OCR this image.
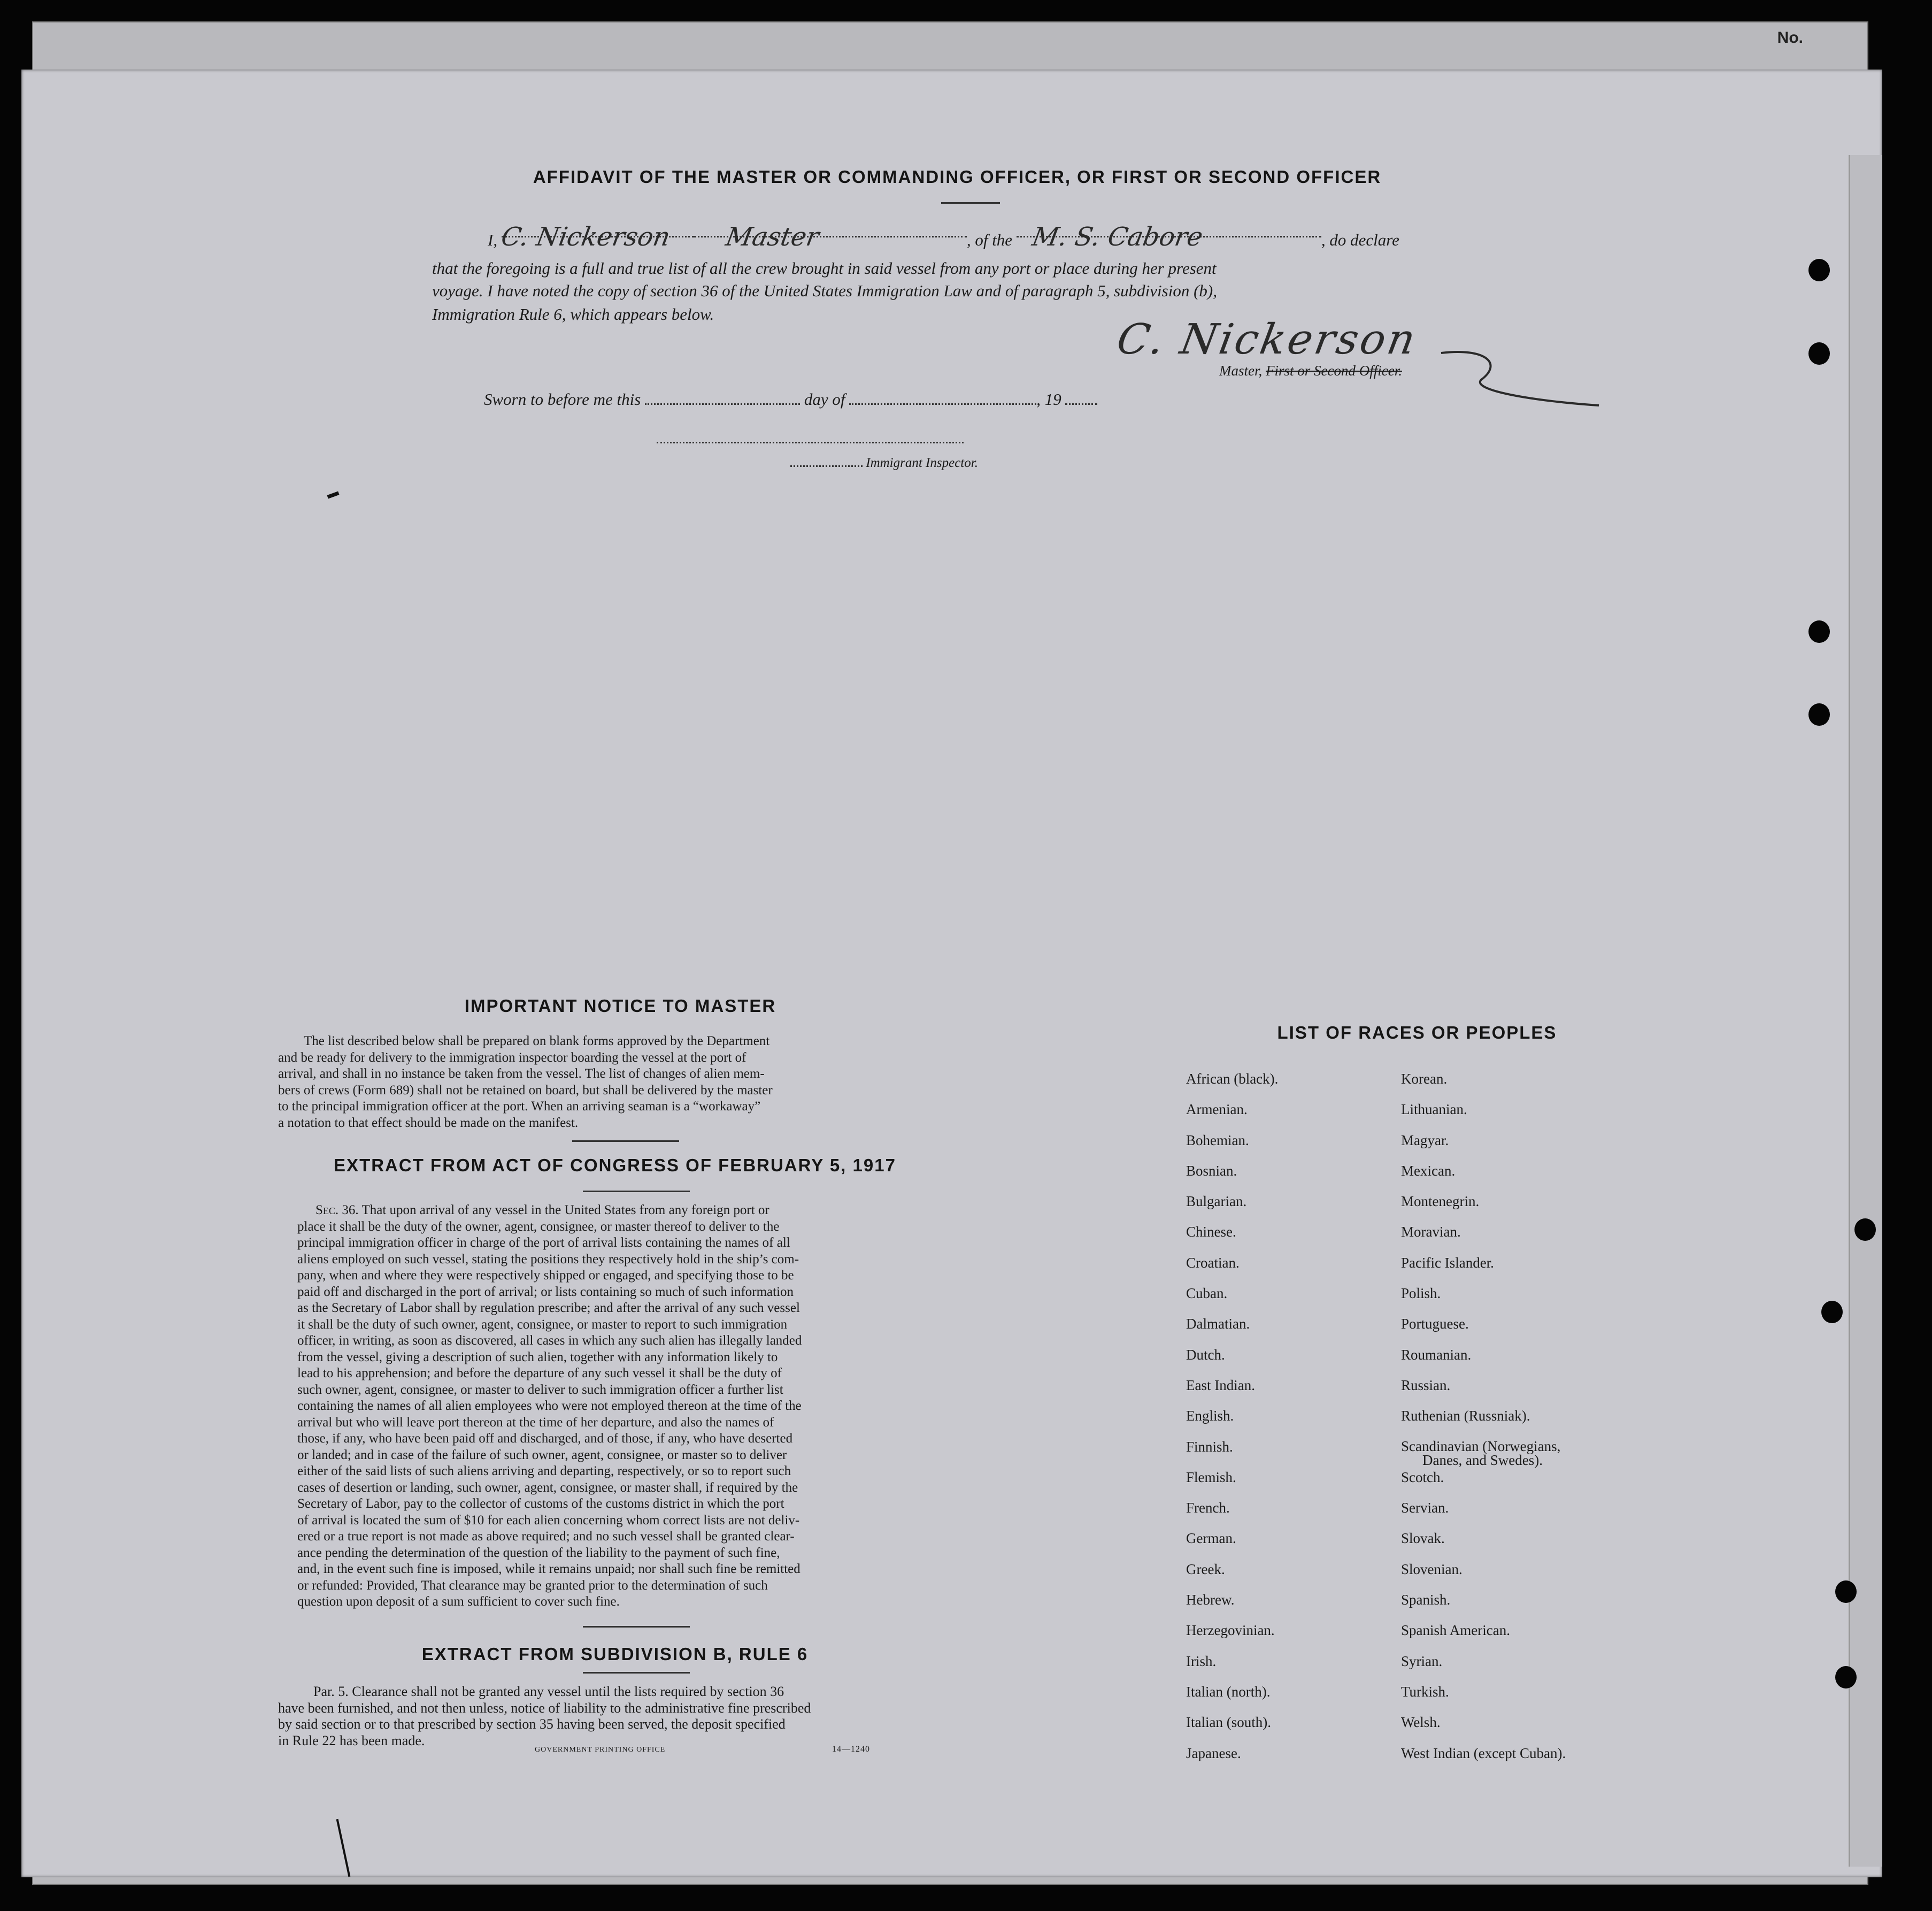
No.
AFFIDAVIT OF THE MASTER OR COMMANDING OFFICER, OR FIRST OR SECOND OFFICER
I, C. Nickerson Master	, of the M. S. Cabore	, do declare
that the foregoing is a full and true list of all the crew brought in said vessel from any port or place during her present
voyage. I have noted the copy of section 36 of the United States Immigration Law and of paragraph 5, subdivision (b),
Immigration Rule 6, which appears below.
C. Nickerson
Master, First or Second Officer.
Sworn to before me this	day of	, 19
Immigrant Inspector.
IMPORTANT NOTICE TO MASTER
The list described below shall be prepared on blank forms approved by the Department
and be ready for delivery to the immigration inspector boarding the vessel at the port of
arrival, and shall in no instance be taken from the vessel. The list of changes of alien mem-
bers of crews (Form 689) shall not be retained on board, but shall be delivered by the master
to the principal immigration officer at the port. When an arriving seaman is a “workaway”
a notation to that effect should be made on the manifest.
EXTRACT FROM ACT OF CONGRESS OF FEBRUARY 5, 1917
Sec. 36. That upon arrival of any vessel in the United States from any foreign port or
place it shall be the duty of the owner, agent, consignee, or master thereof to deliver to the
principal immigration officer in charge of the port of arrival lists containing the names of all
aliens employed on such vessel, stating the positions they respectively hold in the ship’s com-
pany, when and where they were respectively shipped or engaged, and specifying those to be
paid off and discharged in the port of arrival; or lists containing so much of such information
as the Secretary of Labor shall by regulation prescribe; and after the arrival of any such vessel
it shall be the duty of such owner, agent, consignee, or master to report to such immigration
officer, in writing, as soon as discovered, all cases in which any such alien has illegally landed
from the vessel, giving a description of such alien, together with any information likely to
lead to his apprehension; and before the departure of any such vessel it shall be the duty of
such owner, agent, consignee, or master to deliver to such immigration officer a further list
containing the names of all alien employees who were not employed thereon at the time of the
arrival but who will leave port thereon at the time of her departure, and also the names of
those, if any, who have been paid off and discharged, and of those, if any, who have deserted
or landed; and in case of the failure of such owner, agent, consignee, or master so to deliver
either of the said lists of such aliens arriving and departing, respectively, or so to report such
cases of desertion or landing, such owner, agent, consignee, or master shall, if required by the
Secretary of Labor, pay to the collector of customs of the customs district in which the port
of arrival is located the sum of $10 for each alien concerning whom correct lists are not deliv-
ered or a true report is not made as above required; and no such vessel shall be granted clear-
ance pending the determination of the question of the liability to the payment of such fine,
and, in the event such fine is imposed, while it remains unpaid; nor shall such fine be remitted
or refunded: Provided, That clearance may be granted prior to the determination of such
question upon deposit of a sum sufficient to cover such fine.
EXTRACT FROM SUBDIVISION B, RULE 6
Par. 5. Clearance shall not be granted any vessel until the lists required by section 36
have been furnished, and not then unless, notice of liability to the administrative fine prescribed
by said section or to that prescribed by section 35 having been served, the deposit specified
in Rule 22 has been made.
GOVERNMENT PRINTING OFFICE	14—1240
LIST OF RACES OR PEOPLES
African (black).
Armenian.
Bohemian.
Bosnian.
Bulgarian.
Chinese.
Croatian.
Cuban.
Dalmatian.
Dutch.
East Indian.
English.
Finnish.
Flemish.
French.
German.
Greek.
Hebrew.
Herzegovinian.
Irish.
Italian (north).
Italian (south).
Japanese.
Korean.
Lithuanian.
Magyar.
Mexican.
Montenegrin.
Moravian.
Pacific Islander.
Polish.
Portuguese.
Roumanian.
Russian.
Ruthenian (Russniak).
Scandinavian (Norwegians,
Danes, and Swedes).
Scotch.
Servian.
Slovak.
Slovenian.
Spanish.
Spanish American.
Syrian.
Turkish.
Welsh.
West Indian (except Cuban).
